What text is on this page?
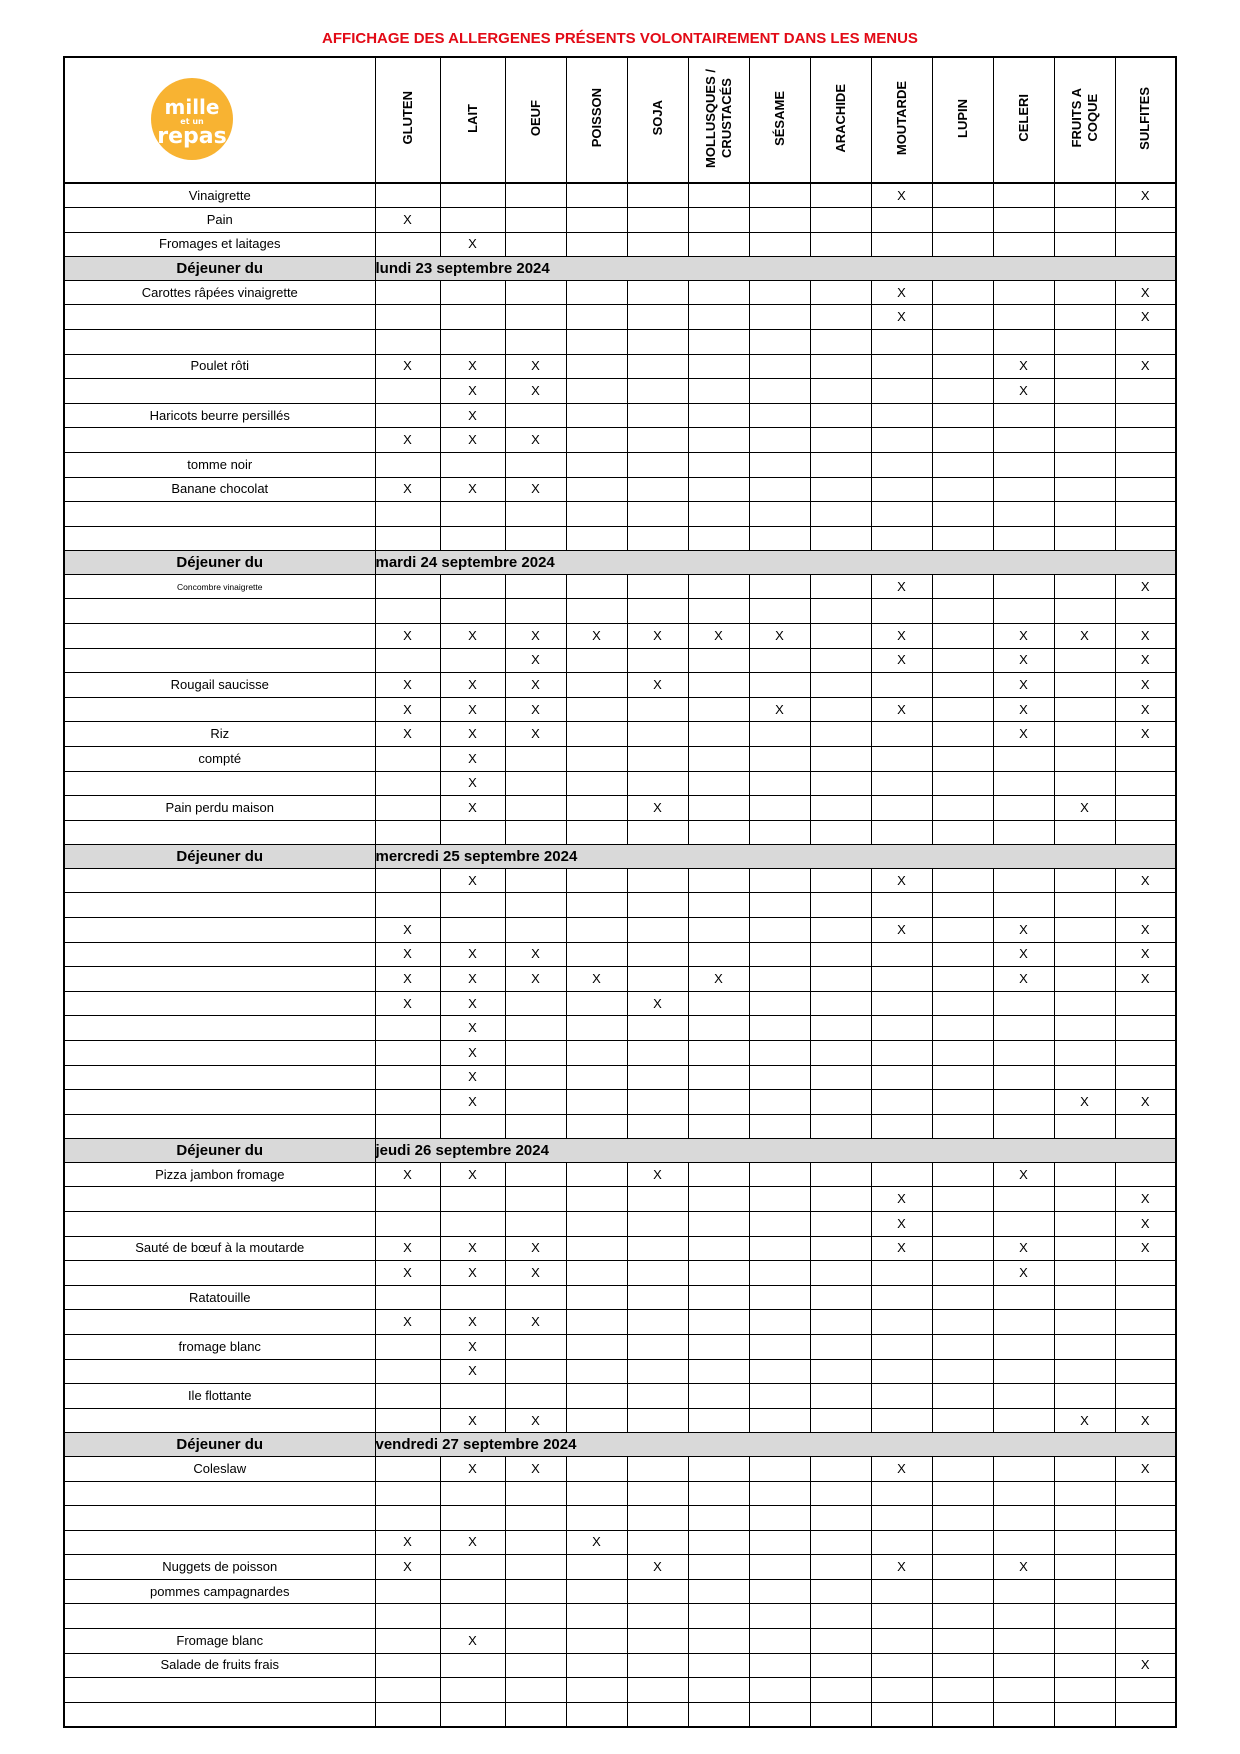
AFFICHAGE DES ALLERGENES PRÉSENTS VOLONTAIREMENT DANS LES MENUS
mille
et un
repas	GLUTEN	LAIT	OEUF	POISSON	SOJA	MOLLUSQUES / CRUSTACÉS	SÉSAME	ARACHIDE	MOUTARDE	LUPIN	CELERI	FRUITS A COQUE	SULFITES

Vinaigrette									X				X
Pain	X												
Fromages et laitages		X											
Déjeuner du	lundi 23 septembre 2024												
Carottes râpées vinaigrette									X				X
									X				X

Poulet rôti	X	X	X								X		X
		X	X								X		
Haricots beurre persillés		X											
	X	X	X										
tomme noir													
Banane chocolat	X	X	X										

Déjeuner du	mardi 24 septembre 2024												
Concombre vinaigrette									X				X

	X	X	X	X	X	X	X		X		X	X	X
			X						X		X		X
Rougail saucisse	X	X	X		X						X		X
	X	X	X				X		X		X		X
Riz	X	X	X								X		X
compté		X											
		X											
Pain perdu maison		X			X							X	

Déjeuner du	mercredi 25 septembre 2024												
		X							X				X

	X								X		X		X
	X	X	X								X		X
	X	X	X	X		X					X		X
	X	X			X								
		X											
		X											
		X											
		X										X	X

Déjeuner du	jeudi 26 septembre 2024												
Pizza jambon fromage	X	X			X						X		
									X				X
									X				X
Sauté de bœuf à la moutarde	X	X	X						X		X		X
	X	X	X								X		
Ratatouille													
	X	X	X										
fromage blanc		X											
		X											
Ile flottante													
		X	X									X	X
Déjeuner du	vendredi 27 septembre 2024												
Coleslaw		X	X						X				X

	X	X		X									
Nuggets de poisson	X				X				X		X		
pommes campagnardes													

Fromage blanc		X											
Salade de fruits frais													X
